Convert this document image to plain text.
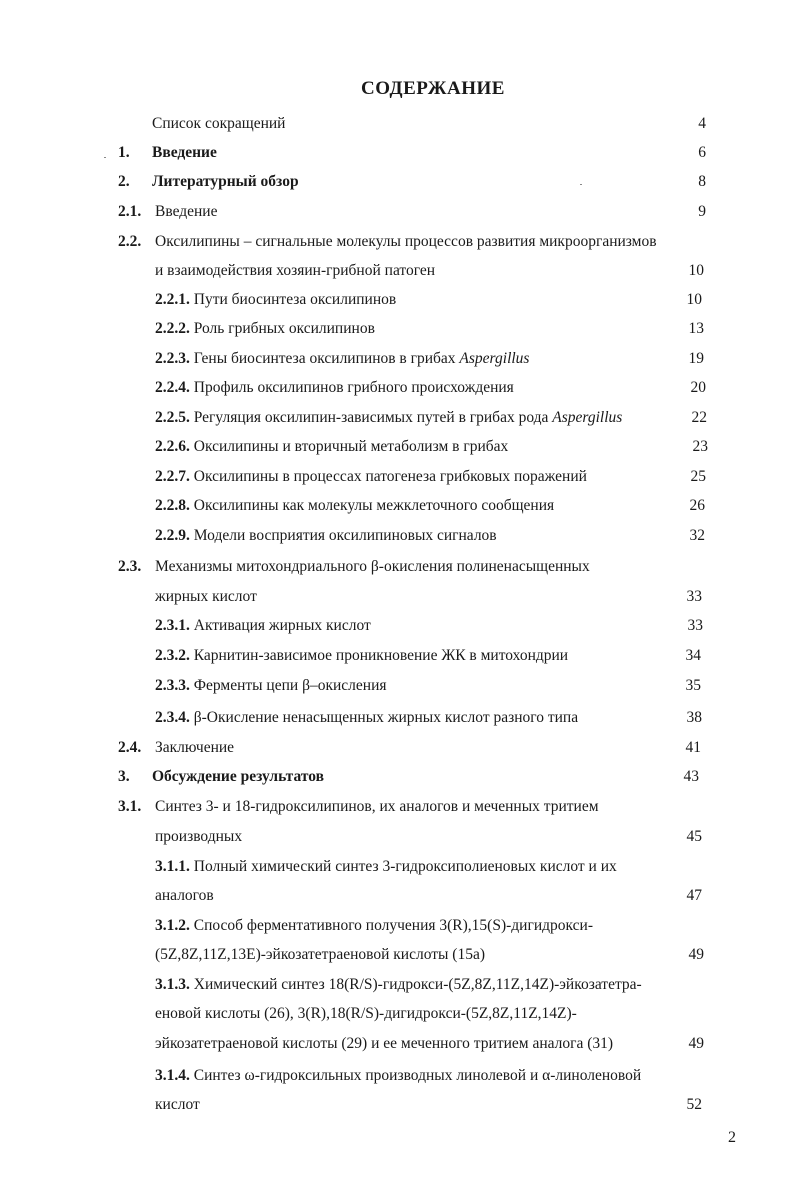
СОДЕРЖАНИЕ
Список сокращений	4
1. Введение	6
2. Литературный обзор	8
2.1. Введение	9
2.2. Оксилипины – сигнальные молекулы процессов развития микроорганизмов
и взаимодействия хозяин-грибной патоген	10
2.2.1. Пути биосинтеза оксилипинов	10
2.2.2. Роль грибных оксилипинов	13
2.2.3. Гены биосинтеза оксилипинов в грибах Aspergillus	19
2.2.4. Профиль оксилипинов грибного происхождения	20
2.2.5. Регуляция оксилипин-зависимых путей в грибах рода Aspergillus	22
2.2.6. Оксилипины и вторичный метаболизм в грибах	23
2.2.7. Оксилипины в процессах патогенеза грибковых поражений	25
2.2.8. Оксилипины как молекулы межклеточного сообщения	26
2.2.9. Модели восприятия оксилипиновых сигналов	32
2.3. Механизмы митохондриального β-окисления полиненасыщенных
жирных кислот	33
2.3.1. Активация жирных кислот	33
2.3.2. Карнитин-зависимое проникновение ЖК в митохондрии	34
2.3.3. Ферменты цепи β–окисления	35
2.3.4. β-Окисление ненасыщенных жирных кислот разного типа	38
2.4. Заключение	41
3. Обсуждение результатов	43
3.1. Синтез 3- и 18-гидроксилипинов, их аналогов и меченных тритием
производных	45
3.1.1. Полный химический синтез 3-гидроксиполиеновых кислот и их
аналогов	47
3.1.2. Способ ферментативного получения 3(R),15(S)-дигидрокси-
(5Z,8Z,11Z,13E)-эйкозатетраеновой кислоты (15а)	49
3.1.3. Химический синтез 18(R/S)-гидрокси-(5Z,8Z,11Z,14Z)-эйкозатетра-
еновой кислоты (26), 3(R),18(R/S)-дигидрокси-(5Z,8Z,11Z,14Z)-
эйкозатетраеновой кислоты (29) и ее меченного тритием аналога (31)	49
3.1.4. Синтез ω-гидроксильных производных линолевой и α-линоленовой
кислот	52
2
